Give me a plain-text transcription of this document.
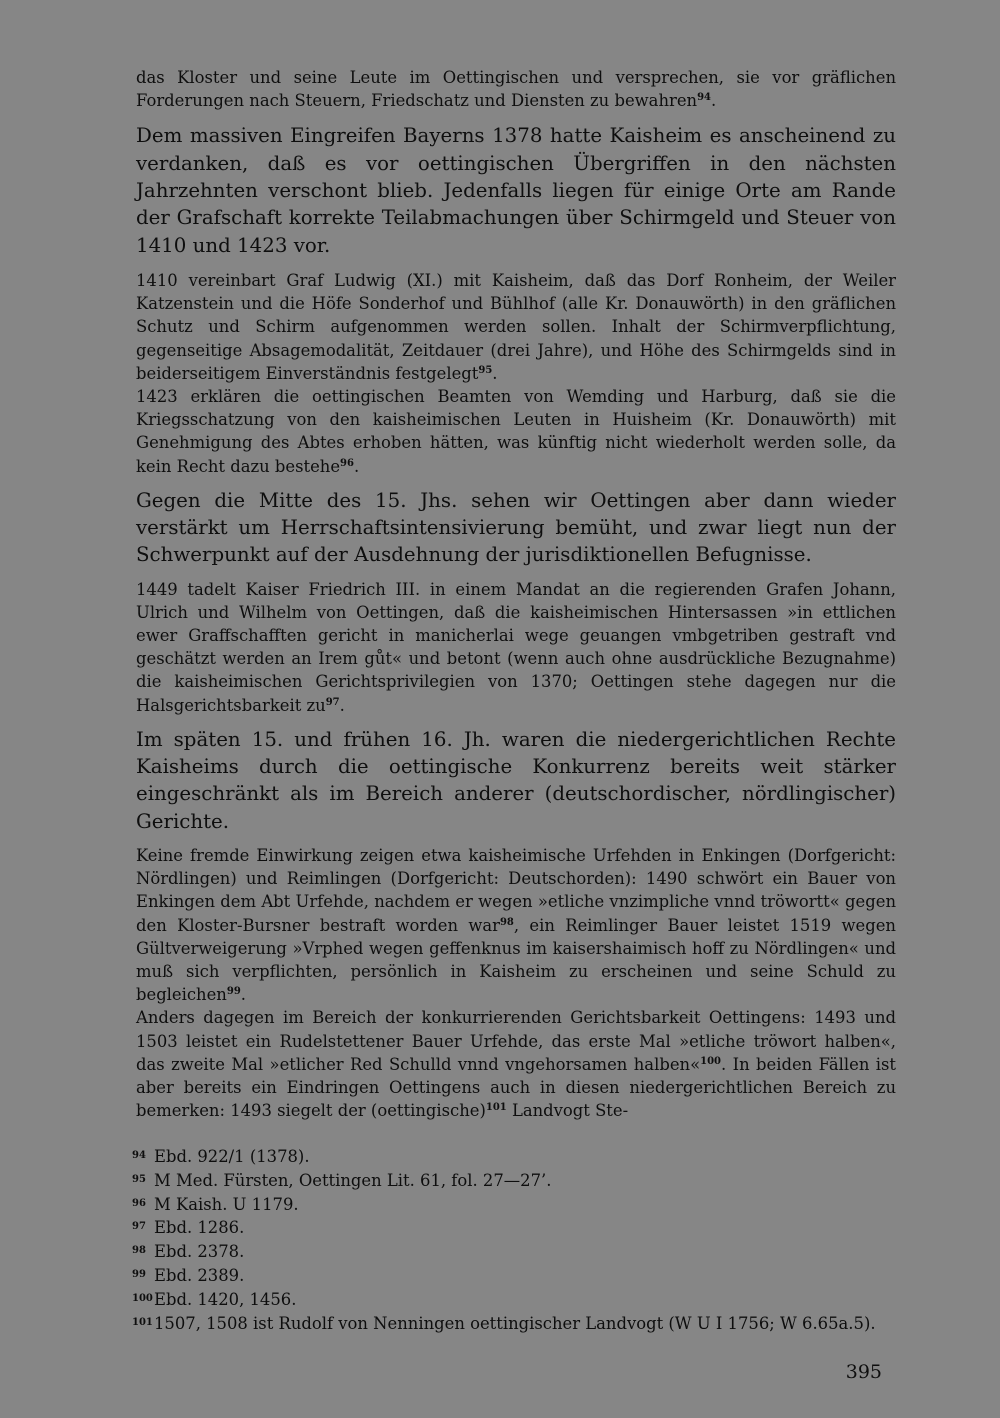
das Kloster und seine Leute im Oettingischen und versprechen, sie vor gräflichen Forderungen nach Steuern, Friedschatz und Diensten zu bewahren$^{94}$.

Dem massiven Eingreifen Bayerns 1378 hatte Kaisheim es anscheinend zu verdanken, daß es vor oettingischen Übergriffen in den nächsten Jahrzehnten verschont blieb. Jedenfalls liegen für einige Orte am Rande der Grafschaft korrekte Teilabmachungen über Schirmgeld und Steuer von 1410 und 1423 vor.

1410 vereinbart Graf Ludwig (XI.) mit Kaisheim, daß das Dorf Ronheim, der Weiler Katzenstein und die Höfe Sonderhof und Bühlhof (alle Kr. Donauwörth) in den gräflichen Schutz und Schirm aufgenommen werden sollen. Inhalt der Schirmverpflichtung, gegenseitige Absagemodalität, Zeitdauer (drei Jahre), und Höhe des Schirmgelds sind in beiderseitigem Einverständnis festgelegt$^{95}$.

1423 erklären die oettingischen Beamten von Wemding und Harburg, daß sie die Kriegsschatzung von den kaisheimischen Leuten in Huisheim (Kr. Donauwörth) mit Genehmigung des Abtes erhoben hätten, was künftig nicht wiederholt werden solle, da kein Recht dazu bestehe$^{96}$.

Gegen die Mitte des 15. Jhs. sehen wir Oettingen aber dann wieder verstärkt um Herrschaftsintensivierung bemüht, und zwar liegt nun der Schwerpunkt auf der Ausdehnung der jurisdiktionellen Befugnisse.

1449 tadelt Kaiser Friedrich III. in einem Mandat an die regierenden Grafen Johann, Ulrich und Wilhelm von Oettingen, daß die kaisheimischen Hintersassen »in ettlichen ewer Graffschafften gericht in manicherlai wege geuangen vmbgetriben gestraft vnd geschätzt werden an Irem gůt« und betont (wenn auch ohne ausdrückliche Bezugnahme) die kaisheimischen Gerichtsprivilegien von 1370; Oettingen stehe dagegen nur die Halsgerichtsbarkeit $zu^{97}$.

Im späten 15. und frühen 16. Jh. waren die niedergerichtlichen Rechte Kaisheims durch die oettingische Konkurrenz bereits weit stärker eingeschränkt als im Bereich anderer (deutschordischer, nördlingischer) Gerichte.

Keine fremde Einwirkung zeigen etwa kaisheimische Urfehden in Enkingen (Dorfgericht: Nördlingen) und Reimlingen (Dorfgericht: Deutschorden): 1490 schwört ein Bauer von Enkingen dem Abt Urfehde, nachdem er wegen »etliche vnzimpliche vnnd tröwortt« gegen den Kloster-Bursner bestraft worden war$^{98}$, ein Reimlinger Bauer leistet 1519 wegen Gültverweigerung »Vrphed wegen geffenknus im kaisershaimisch hoff zu Nördlingen« und muß sich verpflichten, persönlich in Kaisheim zu erscheinen und seine Schuld zu begleichen$^{99}$.

Anders dagegen im Bereich der konkurrierenden Gerichtsbarkeit Oettingens: 1493 und 1503 leistet ein Rudelstettener Bauer Urfehde, das erste Mal »etliche tröwort halben«, das zweite Mal »etlicher Red Schulld vnnd vngehorsamen halben«$^{100}$. In beiden Fällen ist aber bereits ein Eindringen Oettingens auch in diesen niedergerichtlichen Bereich zu bemerken: 1493 siegelt der (oettingische)$^{101}$ Landvogt Ste-

94 Ebd. 922/1 (1378).
95 M Med. Fürsten, Oettingen Lit. 61, fol. 27—27’.
96 M Kaish. U 1179.
97 Ebd. 1286.
98 Ebd. 2378.
99 Ebd. 2389.
100 Ebd. 1420, 1456.
101 1507, 1508 ist Rudolf von Nenningen oettingischer Landvogt (W U I 1756; W 6.65a.5).
395
